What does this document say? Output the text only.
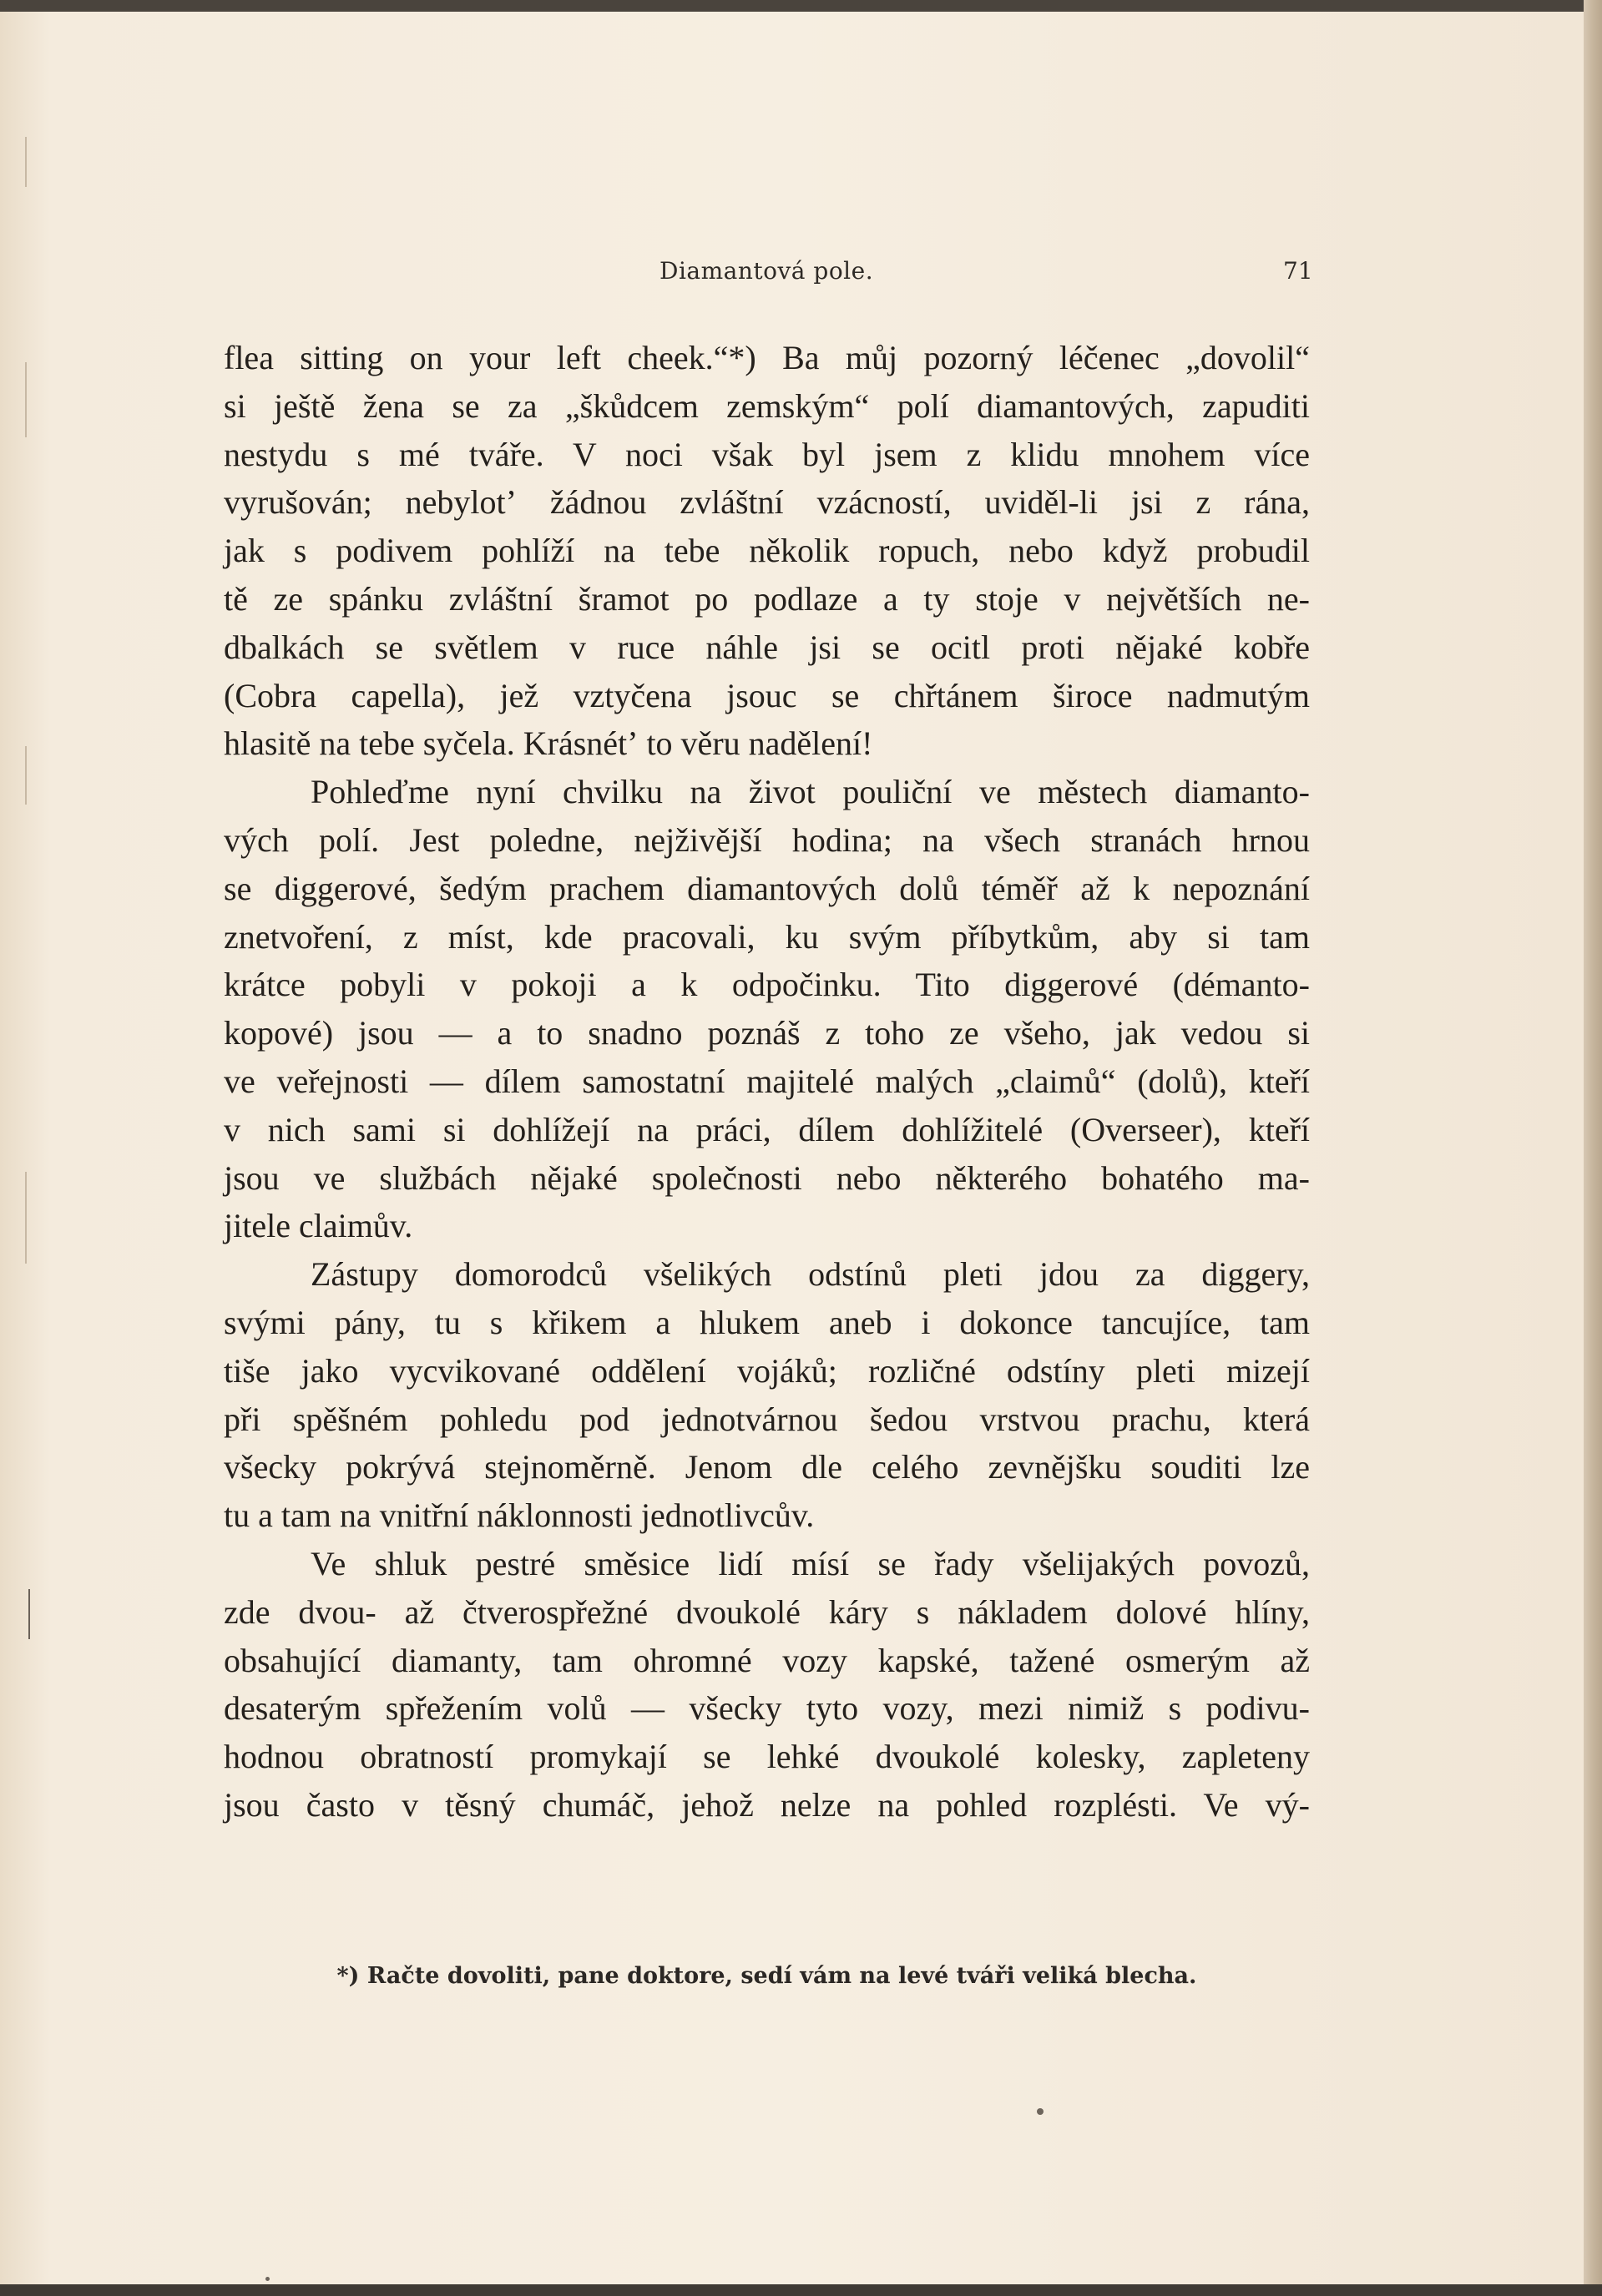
Diamantová pole.	71
flea sitting on your left cheek.“*) Ba můj pozorný léčenec „dovolil“
si ještě žena se za „škůdcem zemským“ polí diamantových, zapuditi
nestydu s mé tváře. V noci však byl jsem z klidu mnohem více
vyrušován; nebylotʼ žádnou zvláštní vzácností, uviděl-li jsi z rána,
jak s podivem pohlíží na tebe několik ropuch, nebo když probudil
tě ze spánku zvláštní šramot po podlaze a ty stoje v největších ne-
dbalkách se světlem v ruce náhle jsi se ocitl proti nějaké kobře
(Cobra capella), jež vztyčena jsouc se chřtánem široce nadmutým
hlasitě na tebe syčela. Krásnétʼ to věru nadělení!
Pohleďme nyní chvilku na život pouliční ve městech diamanto-
vých polí. Jest poledne, nejživější hodina; na všech stranách hrnou
se diggerové, šedým prachem diamantových dolů téměř až k nepoznání
znetvoření, z míst, kde pracovali, ku svým příbytkům, aby si tam
krátce pobyli v pokoji a k odpočinku. Tito diggerové (démanto-
kopové) jsou — a to snadno poznáš z toho ze všeho, jak vedou si
ve veřejnosti — dílem samostatní majitelé malých „claimů“ (dolů), kteří
v nich sami si dohlížejí na práci, dílem dohlížitelé (Overseer), kteří
jsou ve službách nějaké společnosti nebo některého bohatého ma-
jitele claimův.
Zástupy domorodců všelikých odstínů pleti jdou za diggery,
svými pány, tu s křikem a hlukem aneb i dokonce tancujíce, tam
tiše jako vycvikované oddělení vojáků; rozličné odstíny pleti mizejí
při spěšném pohledu pod jednotvárnou šedou vrstvou prachu, která
všecky pokrývá stejnoměrně. Jenom dle celého zevnějšku souditi lze
tu a tam na vnitřní náklonnosti jednotlivcův.
Ve shluk pestré směsice lidí mísí se řady všelijakých povozů,
zde dvou- až čtverospřežné dvoukolé káry s nákladem dolové hlíny,
obsahující diamanty, tam ohromné vozy kapské, tažené osmerým až
desaterým spřežením volů — všecky tyto vozy, mezi nimiž s podivu-
hodnou obratností promykají se lehké dvoukolé kolesky, zapleteny
jsou často v těsný chumáč, jehož nelze na pohled rozplésti. Ve vý-
*) Račte dovoliti, pane doktore, sedí vám na levé tváři veliká blecha.
